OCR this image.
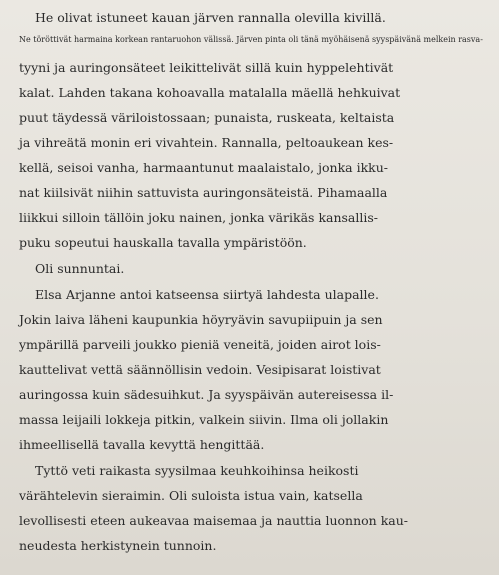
He olivat istuneet kauan järven rannalla olevilla kivillä.
Ne töröttivät harmaina korkean rantaruohon välissä. Järven pinta oli tänä myöhäisenä syyspäivänä melkein rasva-
tyyni ja auringonsäteet leikittelivät sillä kuin hyppelehtivät
kalat. Lahden takana kohoavalla matalalla mäellä hehkuivat
puut täydessä väriloistossaan; punaista, ruskeata, keltaista
ja vihreätä monin eri vivahtein. Rannalla, peltoaukean kes-
kellä, seisoi vanha, harmaantunut maalaistalo, jonka ikku-
nat kiilsivät niihin sattuvista auringonsäteistä. Pihamaalla
liikkui silloin tällöin joku nainen, jonka värikäs kansallis-
puku sopeutui hauskalla tavalla ympäristöön.
Oli sunnuntai.
Elsa Arjanne antoi katseensa siirtyä lahdesta ulapalle.
Jokin laiva läheni kaupunkia höyryävin savupiipuin ja sen
ympärillä parveili joukko pieniä veneitä, joiden airot lois-
kauttelivat vettä säännöllisin vedoin. Vesipisarat loistivat
auringossa kuin sädesuihkut. Ja syyspäivän autereisessa il-
massa leijaili lokkeja pitkin, valkein siivin. Ilma oli jollakin
ihmeellisellä tavalla kevyttä hengittää.
Tyttö veti raikasta syysilmaa keuhkoihinsa heikosti
värähtelevin sieraimin. Oli suloista istua vain, katsella
levollisesti eteen aukeavaa maisemaa ja nauttia luonnon kau-
neudesta herkistynein tunnoin.
